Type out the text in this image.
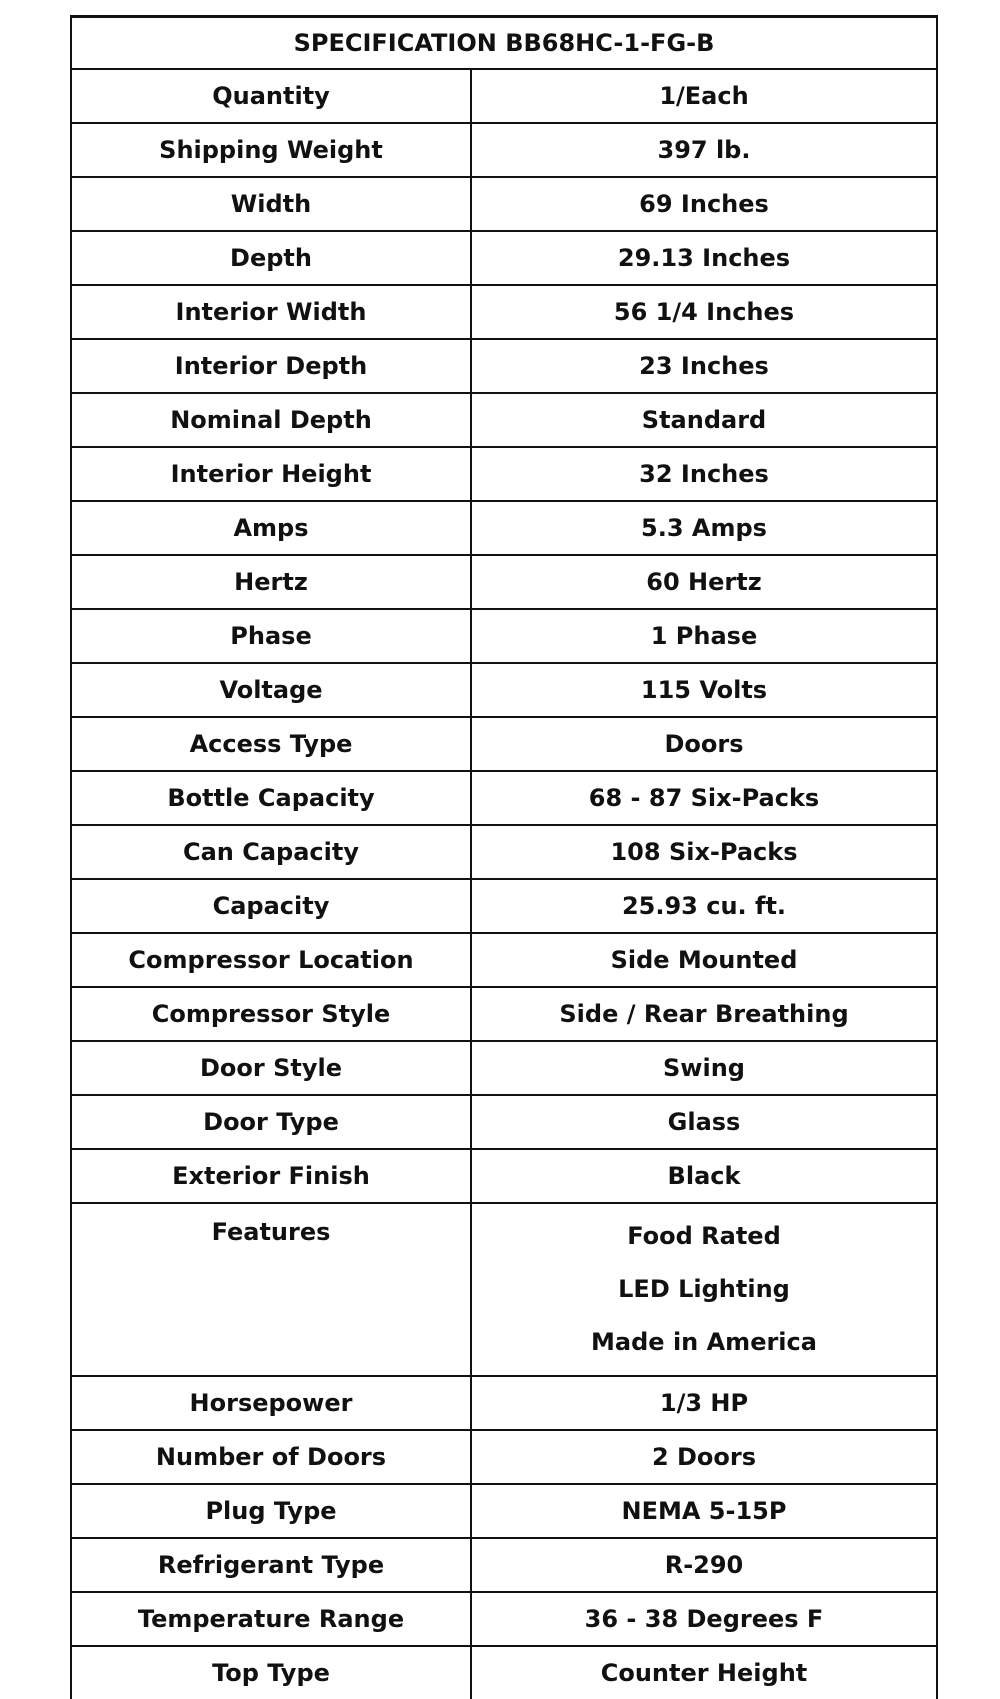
SPECIFICATION BB68HC-1-FG-B	
Quantity	1/Each
Shipping Weight	397 lb.
Width	69 Inches
Depth	29.13 Inches
Interior Width	56 1/4 Inches
Interior Depth	23 Inches
Nominal Depth	Standard
Interior Height	32 Inches
Amps	5.3 Amps
Hertz	60 Hertz
Phase	1 Phase
Voltage	115 Volts
Access Type	Doors
Bottle Capacity	68 - 87 Six-Packs
Can Capacity	108 Six-Packs
Capacity	25.93 cu. ft.
Compressor Location	Side Mounted
Compressor Style	Side / Rear Breathing
Door Style	Swing
Door Type	Glass
Exterior Finish	Black
Features	Food Rated
LED Lighting
Made in America

Horsepower	1/3 HP
Number of Doors	2 Doors
Plug Type	NEMA 5-15P
Refrigerant Type	R-290
Temperature Range	36 - 38 Degrees F
Top Type	Counter Height
